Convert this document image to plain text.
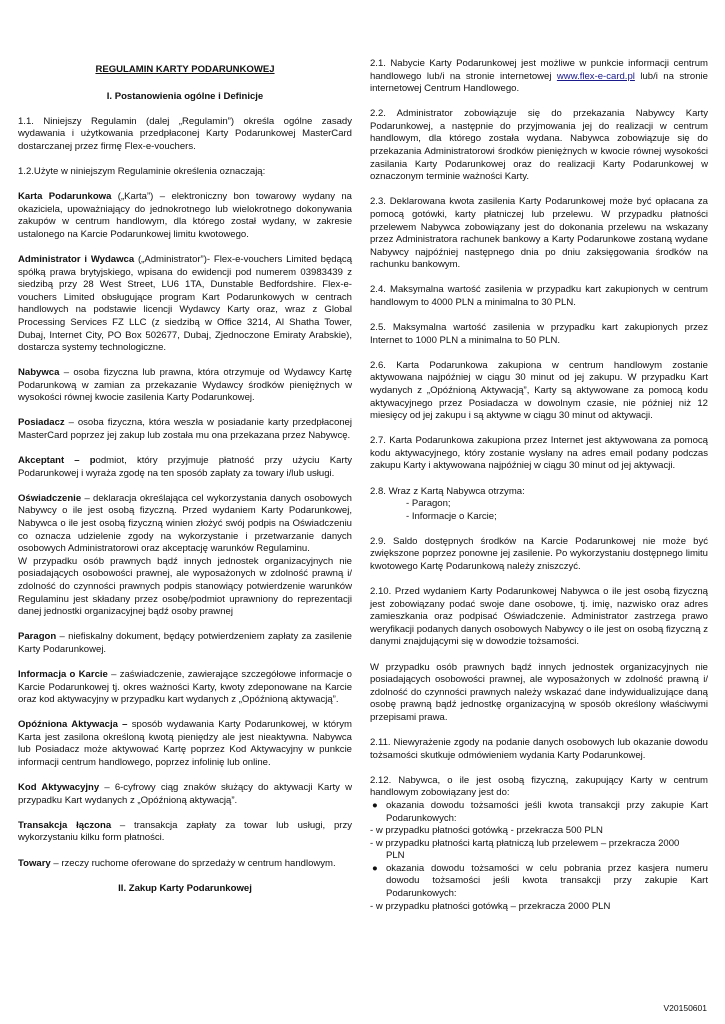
REGULAMIN KARTY PODARUNKOWEJ

I. Postanowienia ogólne i Definicje

1.1. Niniejszy Regulamin (dalej „Regulamin”) określa ogólne zasady wydawania i użytkowania przedpłaconej Karty Podarunkowej MasterCard dostarczanej przez firmę Flex-e-vouchers.

1.2.Użyte w niniejszym Regulaminie określenia oznaczają:

Karta Podarunkowa („Karta”) – elektroniczny bon towarowy wydany na okaziciela, upoważniający do jednokrotnego lub wielokrotnego dokonywania zakupów w centrum handlowym, dla którego został wydany, w zakresie ustalonego na Karcie Podarunkowej limitu kwotowego.

Administrator i Wydawca („Administrator”)- Flex-e-vouchers Limited będącą spółką prawa brytyjskiego, wpisana do ewidencji pod numerem 03983439 z siedzibą przy 28 West Street, LU6 1TA, Dunstable Bedfordshire. Flex-e-vouchers Limited obsługujące program Kart Podarunkowych w centrach handlowych na podstawie licencji Wydawcy Karty oraz, wraz z Global Processing Services FZ LLC (z siedzibą w Office 3214, Al Shatha Tower, Dubaj, Internet City, PO Box 502677, Dubaj, Zjednoczone Emiraty Arabskie), dostarcza systemy technologiczne.

Nabywca – osoba fizyczna lub prawna, która otrzymuje od Wydawcy Kartę Podarunkową w zamian za przekazanie Wydawcy środków pieniężnych w wysokości równej kwocie zasilenia Karty Podarunkowej.

Posiadacz – osoba fizyczna, która weszła w posiadanie karty przedpłaconej MasterCard poprzez jej zakup lub została mu ona przekazana przez Nabywcę.

Akceptant – podmiot, który przyjmuje płatność przy użyciu Karty Podarunkowej i wyraża zgodę na ten sposób zapłaty za towary i/lub usługi.

Oświadczenie – deklaracja określająca cel wykorzystania danych osobowych Nabywcy o ile jest osobą fizyczną. Przed wydaniem Karty Podarunkowej, Nabywca o ile jest osobą fizyczną winien złożyć swój podpis na Oświadczeniu co oznacza udzielenie zgody na wykorzystanie i przetwarzanie danych osobowych Administratorowi oraz akceptację warunków Regulaminu.

W przypadku osób prawnych bądź innych jednostek organizacyjnych nie posiadających osobowości prawnej, ale wyposażonych w zdolność prawną i/ zdolność do czynności prawnych podpis stanowiący potwierdzenie warunków Regulaminu jest składany przez osobę/podmiot uprawniony do reprezentacji danej jednostki organizacyjnej bądź osoby prawnej

Paragon – niefiskalny dokument, będący potwierdzeniem zapłaty za zasilenie Karty Podarunkowej.

Informacja o Karcie – zaświadczenie, zawierające szczegółowe informacje o Karcie Podarunkowej tj. okres ważności Karty, kwoty zdeponowane na Karcie oraz kod aktywacyjny w przypadku kart wydanych z „Opóźnioną aktywacją”.

Opóźniona Aktywacja – sposób wydawania Karty Podarunkowej, w którym Karta jest zasilona określoną kwotą pieniędzy ale jest nieaktywna. Nabywca lub Posiadacz może aktywować Kartę poprzez Kod Aktywacyjny w punkcie informacji centrum handlowego, poprzez infolinię lub online.

Kod Aktywacyjny – 6-cyfrowy ciąg znaków służący do aktywacji Karty w przypadku Kart wydanych z „Opóźnioną aktywacją”.

Transakcja łączona – transakcja zapłaty za towar lub usługi, przy wykorzystaniu kilku form płatności.

Towary – rzeczy ruchome oferowane do sprzedaży w centrum handlowym.

II. Zakup Karty Podarunkowej

2.1. Nabycie Karty Podarunkowej jest możliwe w punkcie informacji centrum handlowego lub/i na stronie internetowej www.flex-e-card.pl lub/i na stronie internetowej Centrum Handlowego.

2.2. Administrator zobowiązuje się do przekazania Nabywcy Karty Podarunkowej, a następnie do przyjmowania jej do realizacji w centrum handlowym, dla którego została wydana. Nabywca zobowiązuje się do przekazania Administratorowi środków pieniężnych w kwocie równej wysokości zasilania Karty Podarunkowej oraz do realizacji Karty Podarunkowej w oznaczonym terminie ważności Karty.

2.3. Deklarowana kwota zasilenia Karty Podarunkowej może być opłacana za pomocą gotówki, karty płatniczej lub przelewu. W przypadku płatności przelewem Nabywca zobowiązany jest do dokonania przelewu na wskazany przez Administratora rachunek bankowy a Karty Podarunkowe zostaną wydane Nabywcy najpóźniej następnego dnia po dniu zaksięgowania środków na rachunku bankowym.

2.4. Maksymalna wartość zasilenia w przypadku kart zakupionych w centrum handlowym to 4000 PLN a minimalna to 30 PLN.

2.5. Maksymalna wartość zasilenia w przypadku kart zakupionych przez Internet to 1000 PLN a minimalna to 50 PLN.

2.6. Karta Podarunkowa zakupiona w centrum handlowym zostanie aktywowana najpóźniej w ciągu 30 minut od jej zakupu. W przypadku Kart wydanych z „Opóźnioną Aktywacją”, Karty są aktywowane za pomocą kodu aktywacyjnego przez Posiadacza w dowolnym czasie, nie później niż 12 miesięcy od jej zakupu i są aktywne w ciągu 30 minut od aktywacji.

2.7. Karta Podarunkowa zakupiona przez Internet jest aktywowana za pomocą kodu aktywacyjnego, który zostanie wysłany na adres email podany podczas zakupu Karty i aktywowana najpóźniej w ciągu 30 minut od jej aktywacji.

2.8. Wraz z Kartą Nabywca otrzyma:

- Paragon;

- Informacje o Karcie;

2.9. Saldo dostępnych środków na Karcie Podarunkowej nie może być zwiększone poprzez ponowne jej zasilenie. Po wykorzystaniu dostępnego limitu kwotowego Kartę Podarunkową należy zniszczyć.

2.10. Przed wydaniem Karty Podarunkowej Nabywca o ile jest osobą fizyczną jest zobowiązany podać swoje dane osobowe, tj. imię, nazwisko oraz adres zamieszkania oraz podpisać Oświadczenie. Administrator zastrzega prawo weryfikacji podanych danych osobowych Nabywcy o ile jest on osobą fizyczną z danymi znajdującymi się w dowodzie tożsamości.

W przypadku osób prawnych bądź innych jednostek organizacyjnych nie posiadających osobowości prawnej, ale wyposażonych w zdolność prawną i/ zdolność do czynności prawnych należy wskazać dane indywidualizujące daną osobę prawną bądź jednostkę organizacyjną w sposób określony właściwymi przepisami prawa.

2.11. Niewyrażenie zgody na podanie danych osobowych lub okazanie dowodu tożsamości skutkuje odmówieniem wydania Karty Podarunkowej.

2.12. Nabywca, o ile jest osobą fizyczną, zakupujący Karty w centrum handlowym zobowiązany jest do:

● okazania dowodu tożsamości jeśli kwota transakcji przy zakupie Kart Podarunkowych:

- w przypadku płatności gotówką - przekracza 500 PLN

- w przypadku płatności kartą płatniczą lub przelewem – przekracza 2000
PLN

● okazania dowodu tożsamości w celu pobrania przez kasjera numeru dowodu tożsamości jeśli kwota transakcji przy zakupie Kart Podarunkowych:

- w przypadku płatności gotówką – przekracza 2000 PLN

V20150601
